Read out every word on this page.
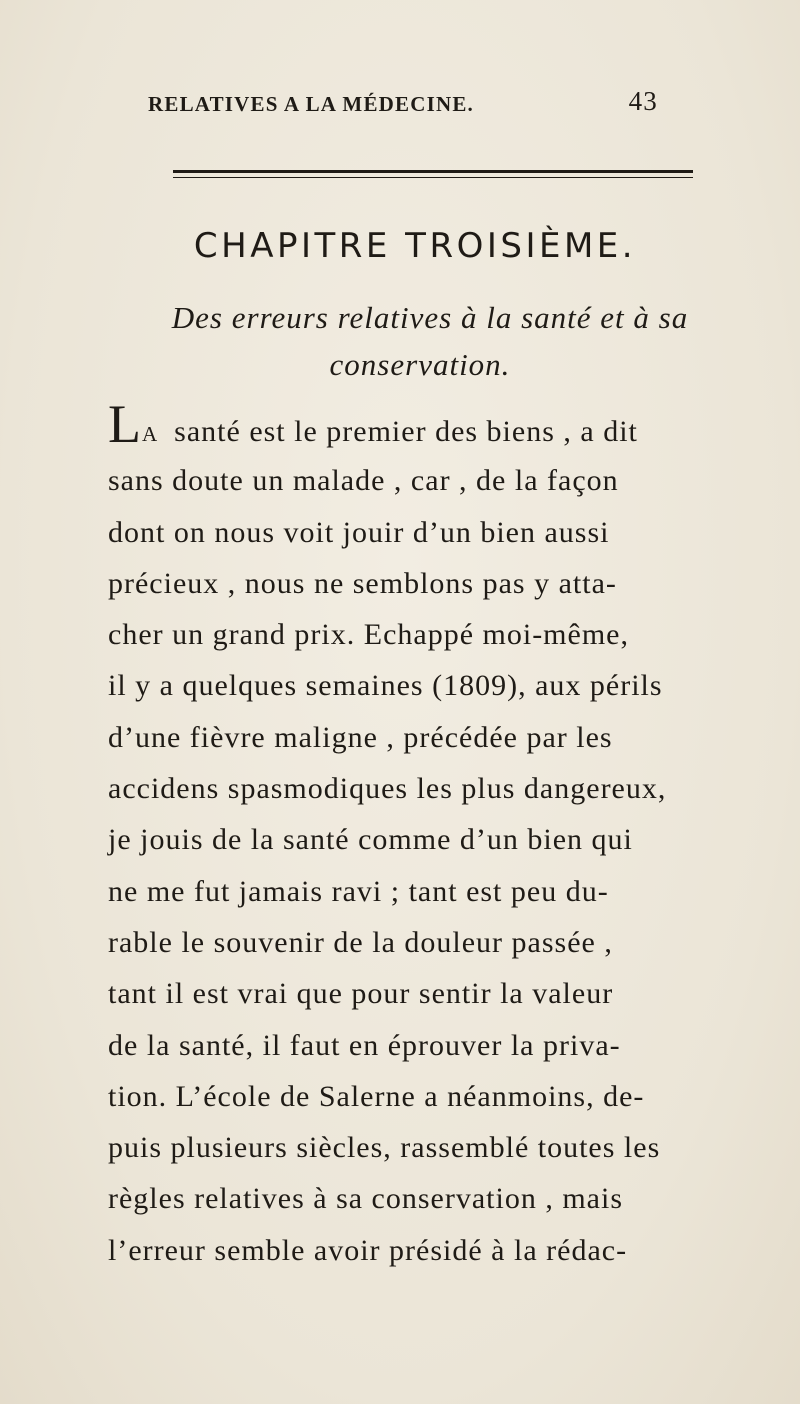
RELATIVES A LA MÉDECINE.	43
CHAPITRE TROISIÈME.
Des erreurs relatives à la santé et à sa
conservation.
LA santé est le premier des biens , a dit
sans doute un malade , car , de la façon
dont on nous voit jouir d’un bien aussi
précieux , nous ne semblons pas y atta-
cher un grand prix. Echappé moi-même,
il y a quelques semaines (1809), aux périls
d’une fièvre maligne , précédée par les
accidens spasmodiques les plus dangereux,
je jouis de la santé comme d’un bien qui
ne me fut jamais ravi ; tant est peu du-
rable le souvenir de la douleur passée ,
tant il est vrai que pour sentir la valeur
de la santé, il faut en éprouver la priva-
tion. L’école de Salerne a néanmoins, de-
puis plusieurs siècles, rassemblé toutes les
règles relatives à sa conservation , mais
l’erreur semble avoir présidé à la rédac-
